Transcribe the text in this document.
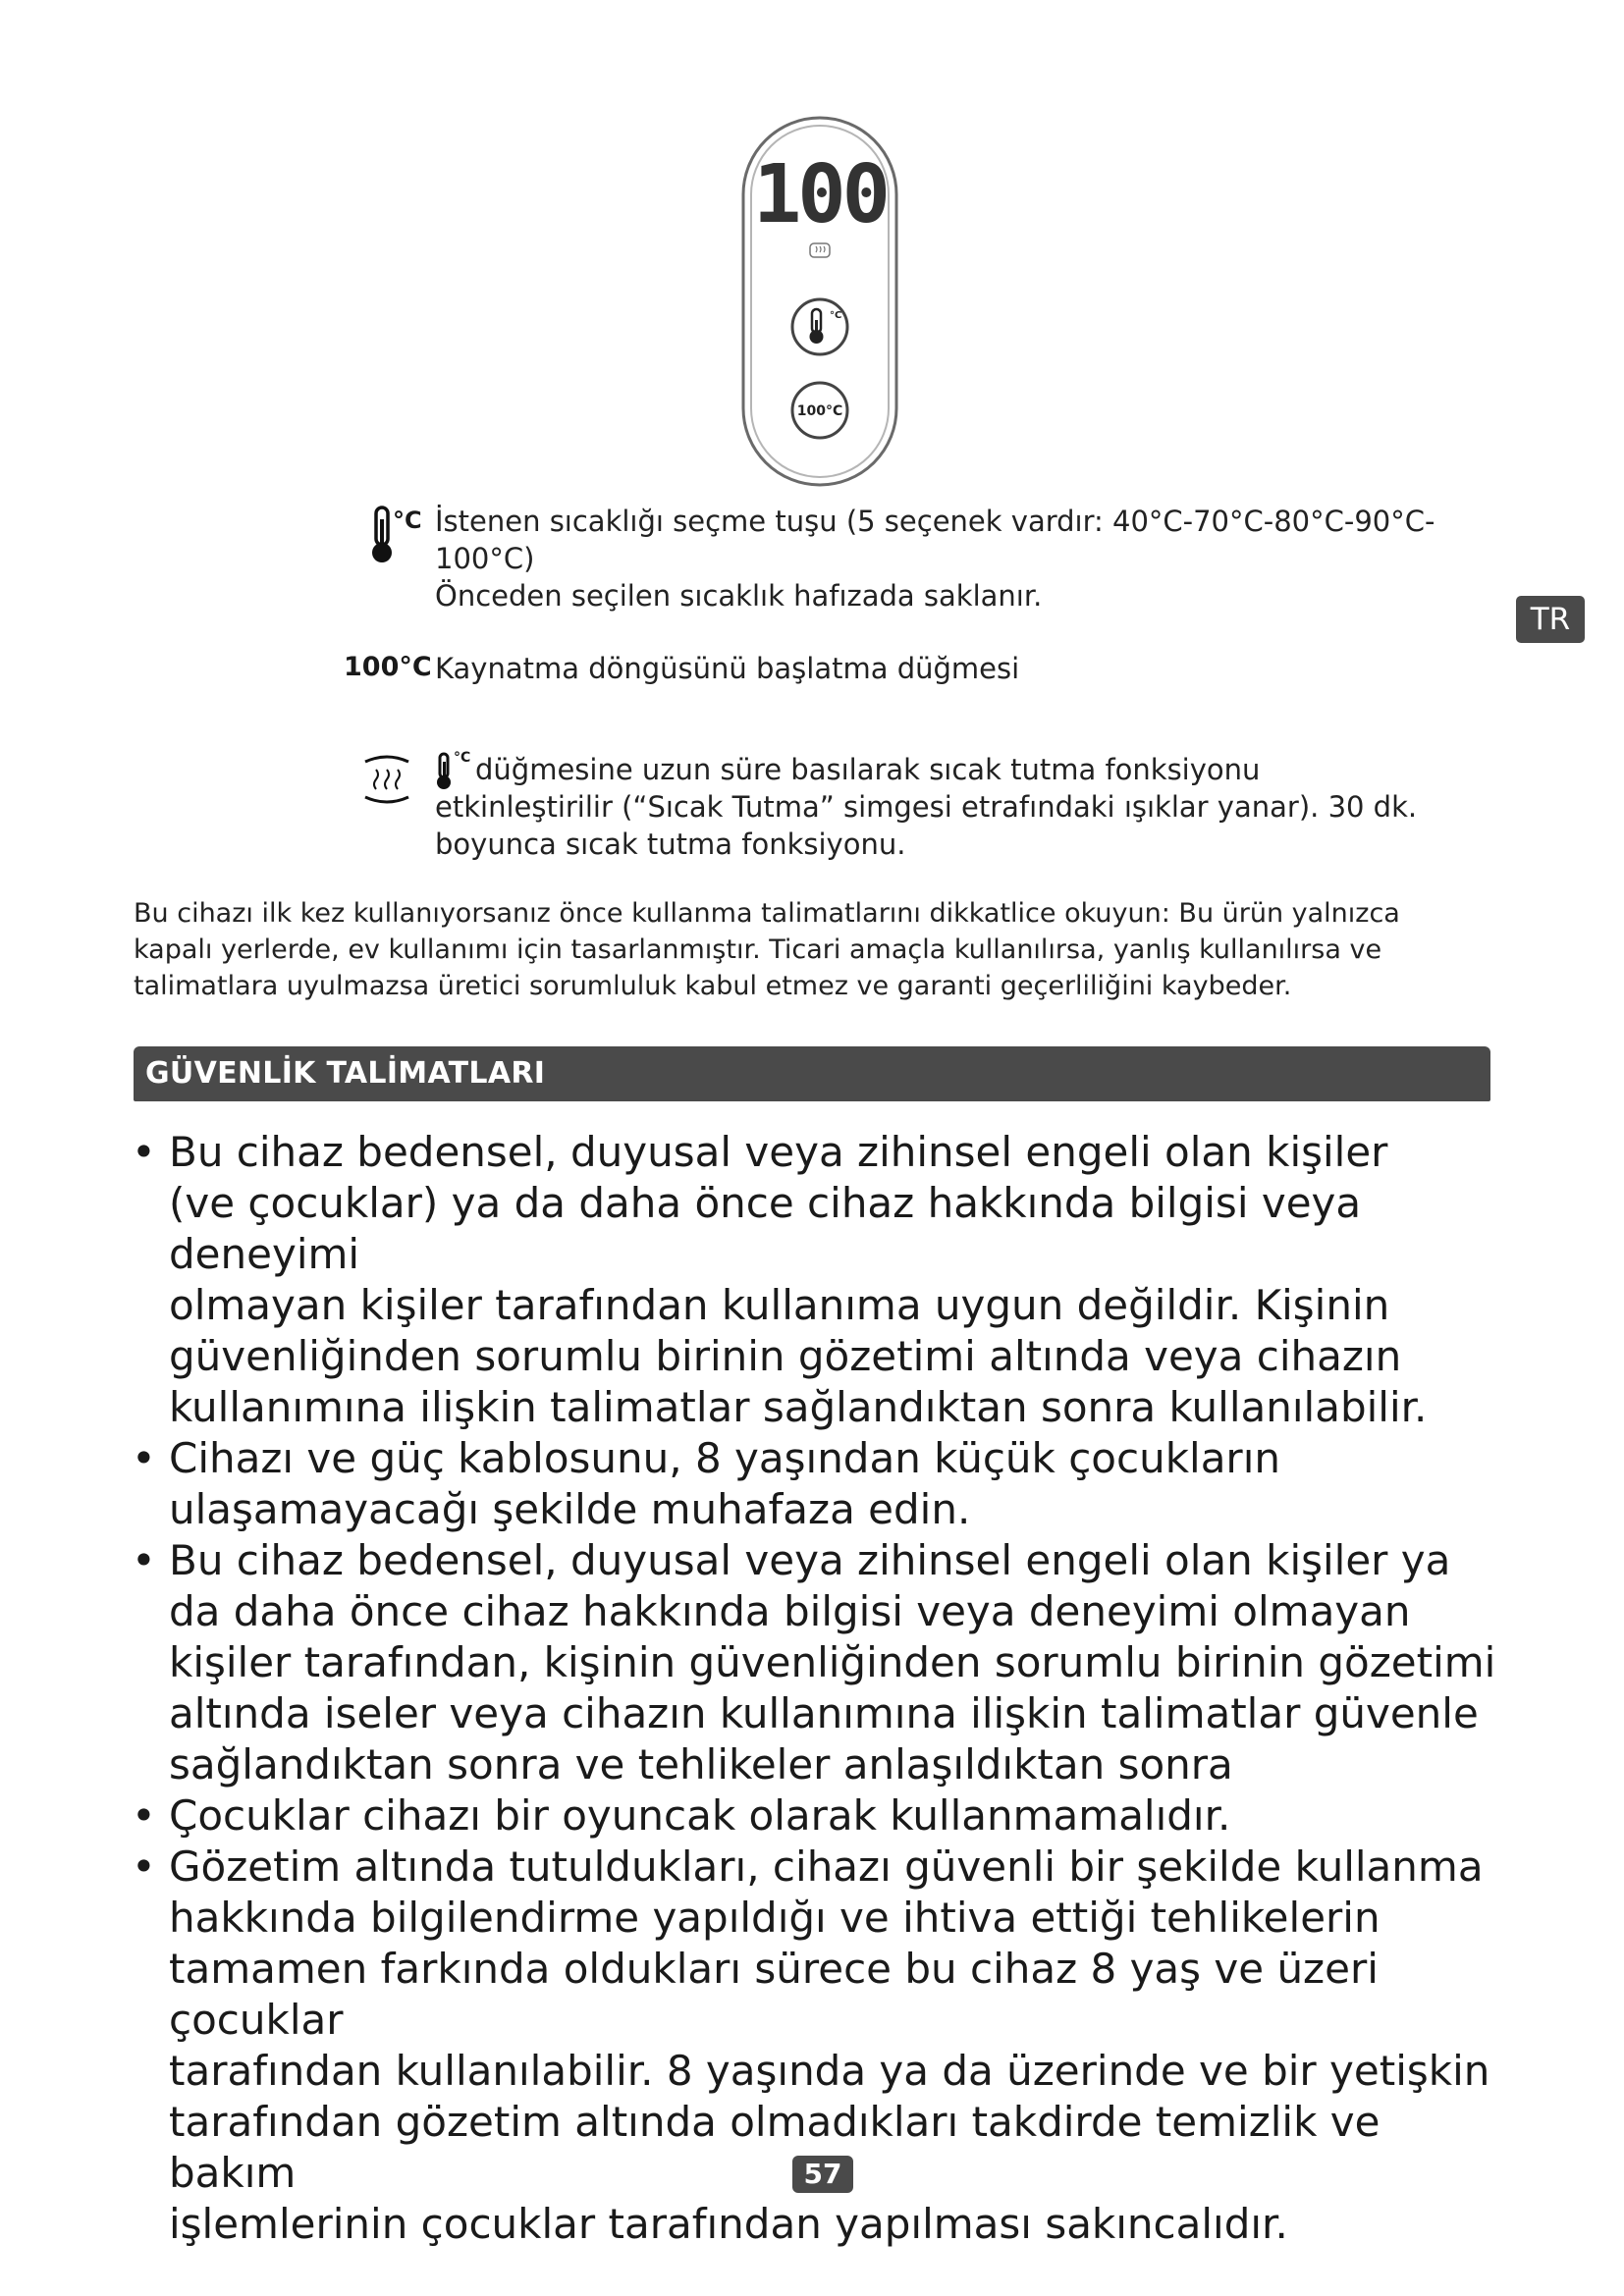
100
°C
100°C
°C İstenen sıcaklığı seçme tuşu (5 seçenek vardır: 40°C-70°C-80°C-90°C-
100°C)
Önceden seçilen sıcaklık hafızada saklanır.
100°C Kaynatma döngüsünü başlatma düğmesi
°C düğmesine uzun süre basılarak sıcak tutma fonksiyonu
etkinleştirilir (“Sıcak Tutma” simgesi etrafındaki ışıklar yanar). 30 dk.
boyunca sıcak tutma fonksiyonu.
TR
Bu cihazı ilk kez kullanıyorsanız önce kullanma talimatlarını dikkatlice okuyun: Bu ürün yalnızca
kapalı yerlerde, ev kullanımı için tasarlanmıştır. Ticari amaçla kullanılırsa, yanlış kullanılırsa ve
talimatlara uyulmazsa üretici sorumluluk kabul etmez ve garanti geçerliliğini kaybeder.
GÜVENLİK TALİMATLARI
• Bu cihaz bedensel, duyusal veya zihinsel engeli olan kişiler
(ve çocuklar) ya da daha önce cihaz hakkında bilgisi veya deneyimi
olmayan kişiler tarafından kullanıma uygun değildir. Kişinin
güvenliğinden sorumlu birinin gözetimi altında veya cihazın
kullanımına ilişkin talimatlar sağlandıktan sonra kullanılabilir.
• Cihazı ve güç kablosunu, 8 yaşından küçük çocukların
ulaşamayacağı şekilde muhafaza edin.
• Bu cihaz bedensel, duyusal veya zihinsel engeli olan kişiler ya
da daha önce cihaz hakkında bilgisi veya deneyimi olmayan
kişiler tarafından, kişinin güvenliğinden sorumlu birinin gözetimi
altında iseler veya cihazın kullanımına ilişkin talimatlar güvenle
sağlandıktan sonra ve tehlikeler anlaşıldıktan sonra
• Çocuklar cihazı bir oyuncak olarak kullanmamalıdır.
• Gözetim altında tutuldukları, cihazı güvenli bir şekilde kullanma
hakkında bilgilendirme yapıldığı ve ihtiva ettiği tehlikelerin
tamamen farkında oldukları sürece bu cihaz 8 yaş ve üzeri çocuklar
tarafından kullanılabilir. 8 yaşında ya da üzerinde ve bir yetişkin
tarafından gözetim altında olmadıkları takdirde temizlik ve bakım
işlemlerinin çocuklar tarafından yapılması sakıncalıdır.
57
